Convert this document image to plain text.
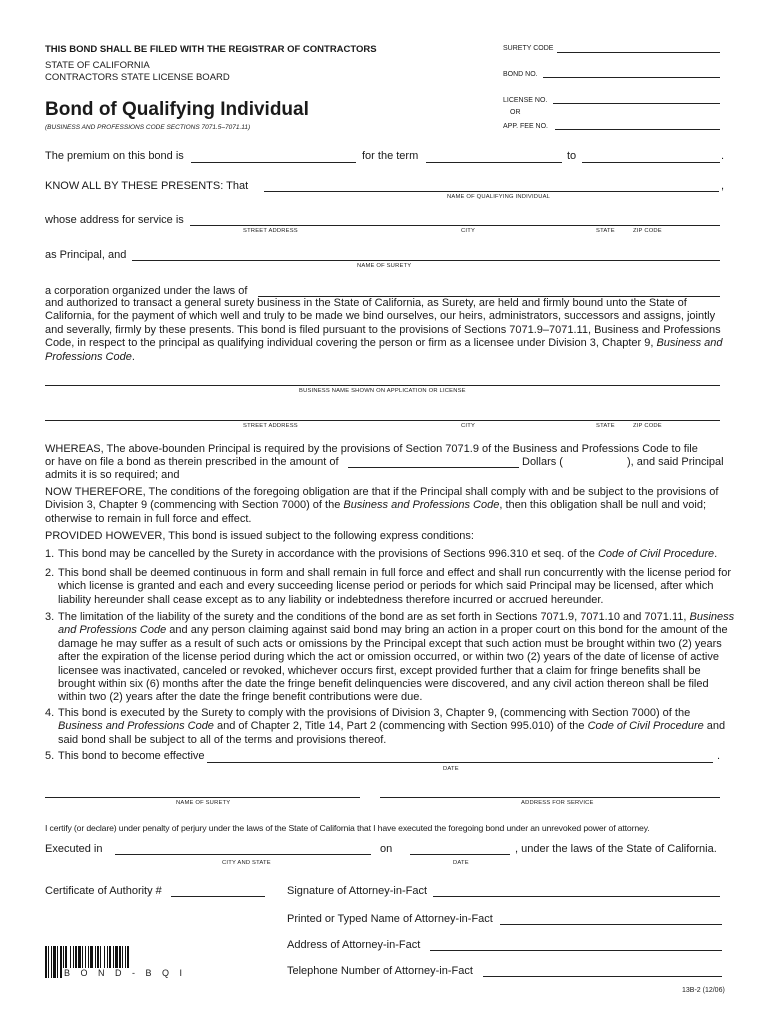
THIS BOND SHALL BE FILED WITH THE REGISTRAR OF CONTRACTORS
STATE OF CALIFORNIA
CONTRACTORS STATE LICENSE BOARD
Bond of Qualifying Individual
(BUSINESS AND PROFESSIONS CODE SECTIONS 7071.5–7071.11)
SURETY CODE
BOND NO.
LICENSE NO.
OR
APP. FEE NO.
The premium on this bond is	for the term	to	.
KNOW ALL BY THESE PRESENTS: That	,
NAME OF QUALIFYING INDIVIDUAL
whose address for service is
STREET ADDRESS	CITY	STATE	ZIP CODE
as Principal, and
NAME OF SURETY
a corporation organized under the laws of
and authorized to transact a general surety business in the State of California, as Surety, are held and firmly bound unto the State of California, for the payment of which well and truly to be made we bind ourselves, our heirs, administrators, successors and assigns, jointly and severally, firmly by these presents. This bond is filed pursuant to the provisions of Sections 7071.9–7071.11, Business and Professions Code, in respect to the principal as qualifying individual covering the person or firm as a licensee under Division 3, Chapter 9, Business and Professions Code.
BUSINESS NAME SHOWN ON APPLICATION OR LICENSE
STREET ADDRESS	CITY	STATE	ZIP CODE
WHEREAS, The above-bounden Principal is required by the provisions of Section 7071.9 of the Business and Professions Code to file
or have on file a bond as therein prescribed in the amount of	Dollars (	), and said Principal
admits it is so required; and
NOW THEREFORE, The conditions of the foregoing obligation are that if the Principal shall comply with and be subject to the provisions of Division 3, Chapter 9 (commencing with Section 7000) of the Business and Professions Code, then this obligation shall be null and void; otherwise to remain in full force and effect.
PROVIDED HOWEVER, This bond is issued subject to the following express conditions:
1. This bond may be cancelled by the Surety in accordance with the provisions of Sections 996.310 et seq. of the Code of Civil Procedure.
2. This bond shall be deemed continuous in form and shall remain in full force and effect and shall run concurrently with the license period for which license is granted and each and every succeeding license period or periods for which said Principal may be licensed, after which liability hereunder shall cease except as to any liability or indebtedness therefore incurred or accrued hereunder.
3. The limitation of the liability of the surety and the conditions of the bond are as set forth in Sections 7071.9, 7071.10 and 7071.11, Business and Professions Code and any person claiming against said bond may bring an action in a proper court on this bond for the amount of the damage he may suffer as a result of such acts or omissions by the Principal except that such action must be brought within two (2) years after the expiration of the license period during which the act or omission occurred, or within two (2) years of the date of license of active licensee was inactivated, canceled or revoked, whichever occurs first, except provided further that a claim for fringe benefits shall be brought within six (6) months after the date the fringe benefit delinquencies were discovered, and any civil action thereon shall be filed within two (2) years after the date the fringe benefit contributions were due.
4. This bond is executed by the Surety to comply with the provisions of Division 3, Chapter 9, (commencing with Section 7000) of the Business and Professions Code and of Chapter 2, Title 14, Part 2 (commencing with Section 995.010) of the Code of Civil Procedure and said bond shall be subject to all of the terms and provisions thereof.
5. This bond to become effective	.
DATE
NAME OF SURETY	ADDRESS FOR SERVICE
I certify (or declare) under penalty of perjury under the laws of the State of California that I have executed the foregoing bond under an unrevoked power of attorney.
Executed in	on	, under the laws of the State of California.
CITY AND STATE	DATE
Certificate of Authority #	Signature of Attorney-in-Fact
Printed or Typed Name of Attorney-in-Fact
Address of Attorney-in-Fact
Telephone Number of Attorney-in-Fact
B O N D - B Q I
13B-2 (12/06)
